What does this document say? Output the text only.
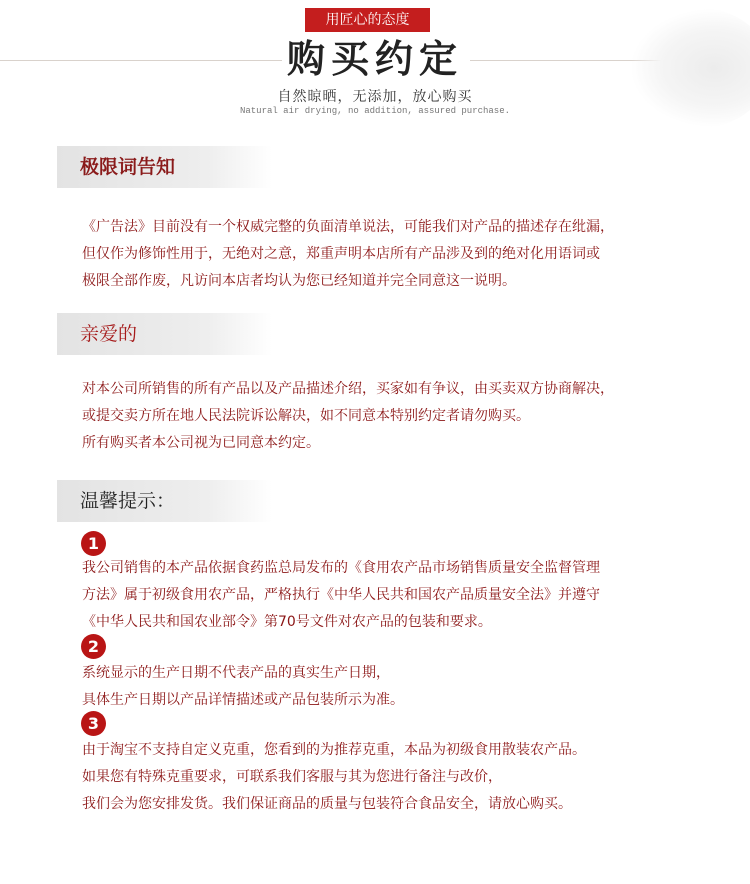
用匠心的态度
购买约定
自然晾晒，无添加，放心购买
Natural air drying, no addition, assured purchase.
极限词告知

《广告法》目前没有一个权威完整的负面清单说法，可能我们对产品的描述存在纰漏，

但仅作为修饰性用于，无绝对之意，郑重声明本店所有产品涉及到的绝对化用语词或

极限全部作废，凡访问本店者均认为您已经知道并完全同意这一说明。

亲爱的

对本公司所销售的所有产品以及产品描述介绍，买家如有争议，由买卖双方协商解决，

或提交卖方所在地人民法院诉讼解决，如不同意本特别约定者请勿购买。

所有购买者本公司视为已同意本约定。

温馨提示：
1

我公司销售的本产品依据食药监总局发布的《食用农产品市场销售质量安全监督管理

方法》属于初级食用农产品，严格执行《中华人民共和国农产品质量安全法》并遵守

《中华人民共和国农业部令》第70号文件对农产品的包装和要求。

2

系统显示的生产日期不代表产品的真实生产日期，

具体生产日期以产品详情描述或产品包装所示为准。

3

由于淘宝不支持自定义克重，您看到的为推荐克重，本品为初级食用散装农产品。

如果您有特殊克重要求，可联系我们客服与其为您进行备注与改价，

我们会为您安排发货。我们保证商品的质量与包装符合食品安全，请放心购买。
